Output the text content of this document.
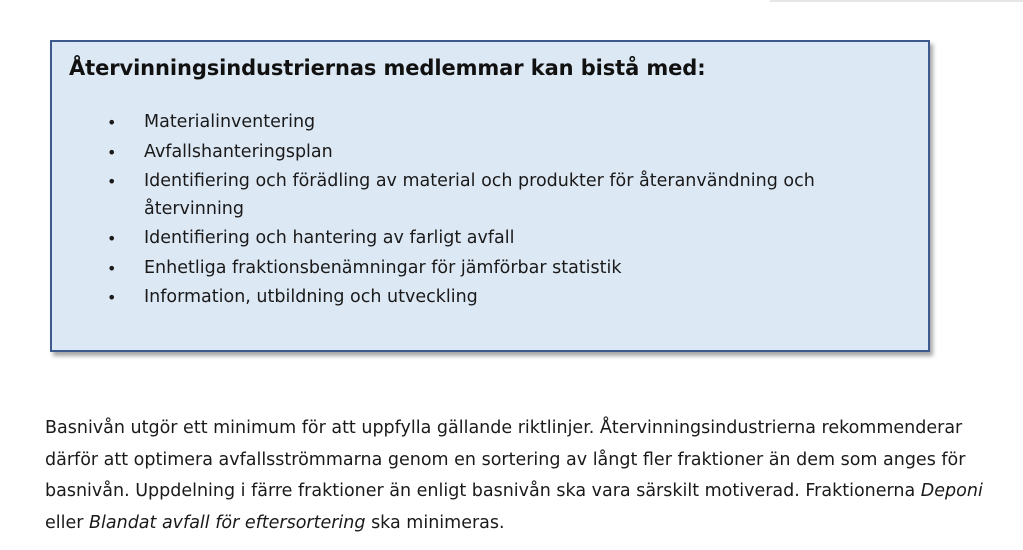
Återvinningsindustriernas medlemmar kan bistå med:
• Materialinventering
• Avfallshanteringsplan
• Identifiering och förädling av material och produkter för återanvändning och återvinning
• Identifiering och hantering av farligt avfall
• Enhetliga fraktionsbenämningar för jämförbar statistik
• Information, utbildning och utveckling

Basnivån utgör ett minimum för att uppfylla gällande riktlinjer. Återvinningsindustrierna rekommenderar därför att optimera avfallsströmmarna genom en sortering av långt fler fraktioner än dem som anges för basnivån. Uppdelning i färre fraktioner än enligt basnivån ska vara särskilt motiverad. Fraktionerna Deponi eller Blandat avfall för eftersortering ska minimeras.
